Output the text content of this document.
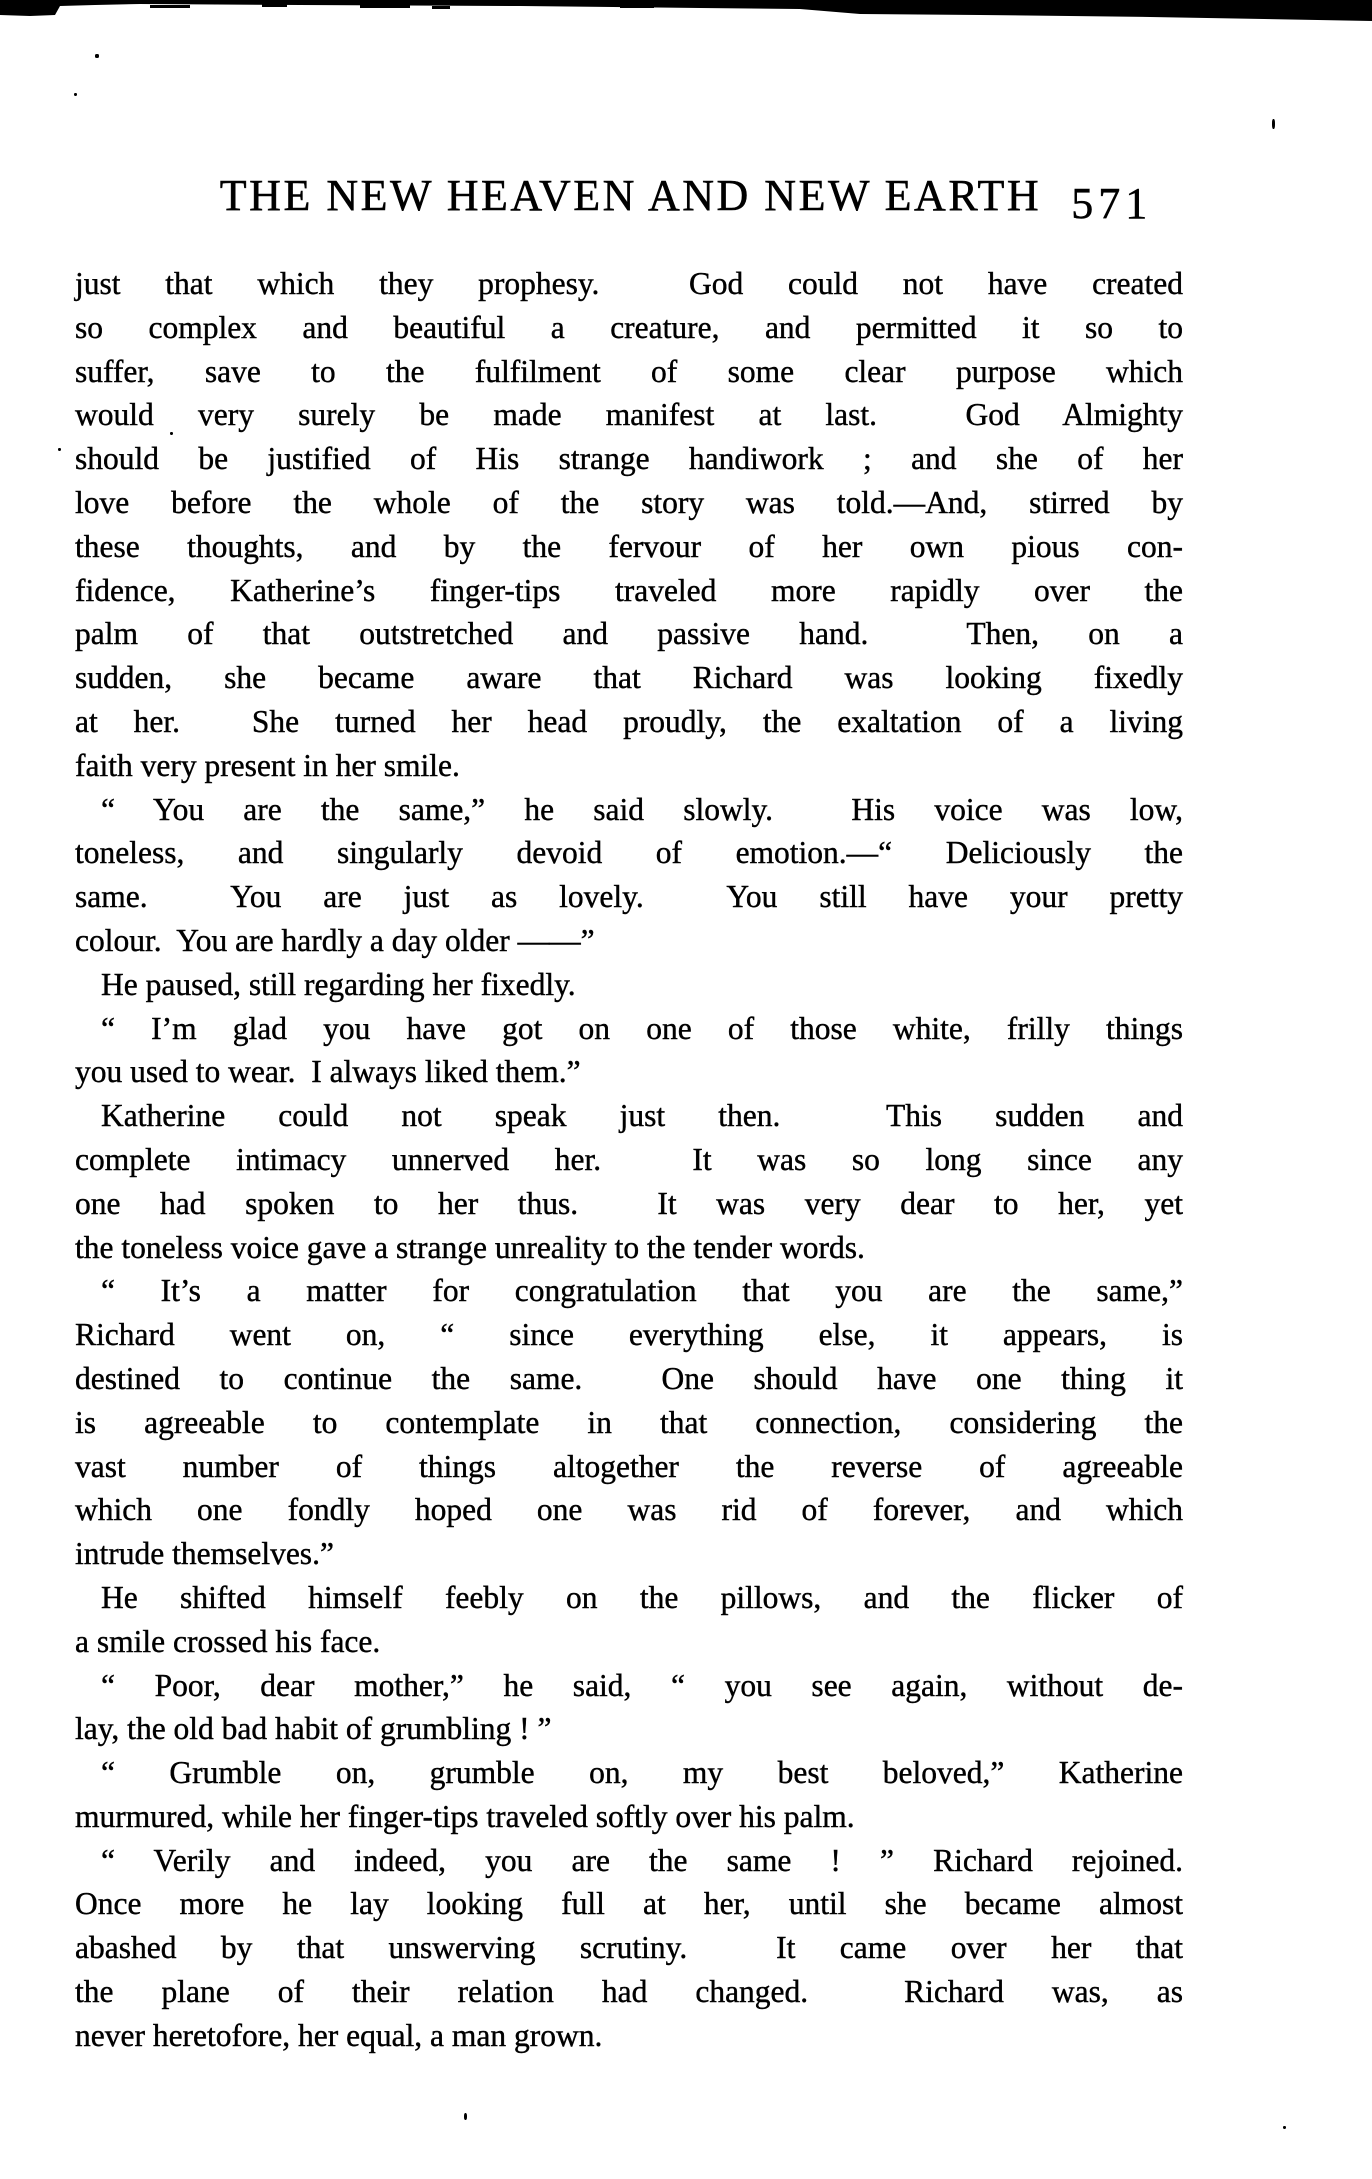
THE NEW HEAVEN AND NEW EARTH 571
just that which they prophesy.  God could not have created
so complex and beautiful a creature, and permitted it so to
suffer, save to the fulfilment of some clear purpose which
would very surely be made manifest at last.  God Almighty
should be justified of His strange handiwork ; and she of her
love before the whole of the story was told.—And, stirred by
these thoughts, and by the fervour of her own pious con-
fidence, Katherine’s finger-tips traveled more rapidly over the
palm of that outstretched and passive hand.  Then, on a
sudden, she became aware that Richard was looking fixedly
at her.  She turned her head proudly, the exaltation of a living
faith very present in her smile.
“ You are the same,” he said slowly.  His voice was low,
toneless, and singularly devoid of emotion.—“ Deliciously the
same.  You are just as lovely.  You still have your pretty
colour.  You are hardly a day older ——”
He paused, still regarding her fixedly.
“ I’m glad you have got on one of those white, frilly things
you used to wear.  I always liked them.”
Katherine could not speak just then.  This sudden and
complete intimacy unnerved her.  It was so long since any
one had spoken to her thus.  It was very dear to her, yet
the toneless voice gave a strange unreality to the tender words.
“ It’s a matter for congratulation that you are the same,”
Richard went on, “ since everything else, it appears, is
destined to continue the same.  One should have one thing it
is agreeable to contemplate in that connection, considering the
vast number of things altogether the reverse of agreeable
which one fondly hoped one was rid of forever, and which
intrude themselves.”
He shifted himself feebly on the pillows, and the flicker of
a smile crossed his face.
“ Poor, dear mother,” he said, “ you see again, without de-
lay, the old bad habit of grumbling ! ”
“ Grumble on, grumble on, my best beloved,” Katherine
murmured, while her finger-tips traveled softly over his palm.
“ Verily and indeed, you are the same ! ” Richard rejoined.
Once more he lay looking full at her, until she became almost
abashed by that unswerving scrutiny.  It came over her that
the plane of their relation had changed.  Richard was, as
never heretofore, her equal, a man grown.
